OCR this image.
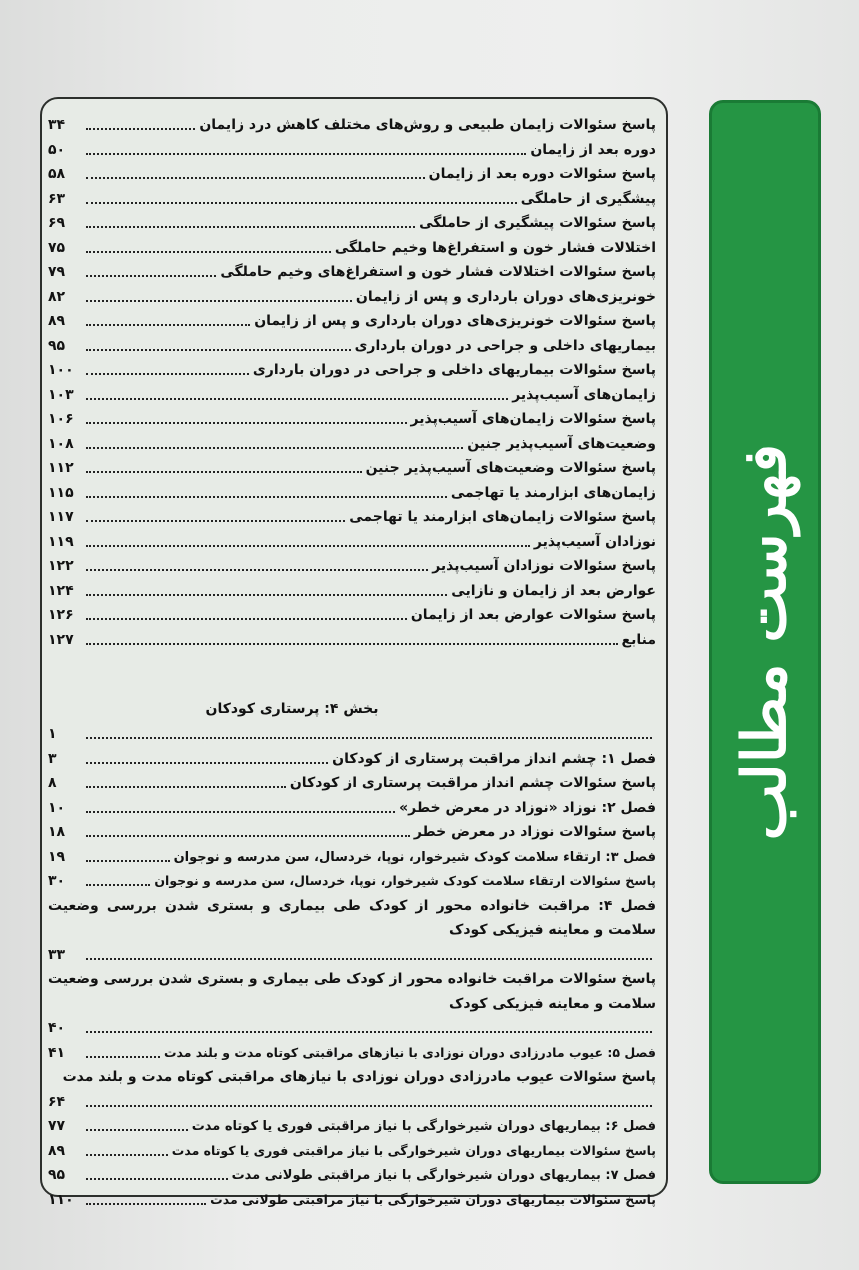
فهرست مطالب
پاسخ سئوالات زایمان طبیعی و روش‌های مختلف کاهش درد زایمان
۳۴
دوره بعد از زایمان
۵۰
پاسخ سئوالات دوره بعد از زایمان
۵۸
پیشگیری از حاملگی
۶۳
پاسخ سئوالات پیشگیری از حاملگی
۶۹
اختلالات فشار خون و استفراغ‌ها وخیم حاملگی
۷۵
پاسخ سئوالات اختلالات فشار خون و استفراغ‌های وخیم حاملگی
۷۹
خونریزی‌های دوران بارداری و پس از زایمان
۸۲
پاسخ سئوالات خونریزی‌های دوران بارداری و پس از زایمان
۸۹
بیماریهای داخلی و جراحی در دوران بارداری
۹۵
پاسخ سئوالات بیماریهای داخلی و جراحی در دوران بارداری
۱۰۰
زایمان‌های آسیب‌پذیر
۱۰۳
پاسخ سئوالات زایمان‌های آسیب‌پذیر
۱۰۶
وضعیت‌های آسیب‌پذیر جنین
۱۰۸
پاسخ سئوالات وضعیت‌های آسیب‌پذیر جنین
۱۱۲
زایمان‌های ابزارمند یا تهاجمی
۱۱۵
پاسخ سئوالات زایمان‌های ابزارمند یا تهاجمی
۱۱۷
نوزادان آسیب‌پذیر
۱۱۹
پاسخ سئوالات نوزادان آسیب‌پذیر
۱۲۲
عوارض بعد از زایمان و نازایی
۱۲۴
پاسخ سئوالات عوارض بعد از زایمان
۱۲۶
منابع
۱۲۷
بخش ۴: پرستاری کودکان
۱
فصل ۱: چشم انداز مراقبت پرستاری از کودکان
۳
پاسخ سئوالات چشم انداز مراقبت پرستاری از کودکان
۸
فصل ۲: نوزاد «نوزاد در معرض خطر»
۱۰
پاسخ سئوالات نوزاد در معرض خطر
۱۸
فصل ۳: ارتقاء سلامت کودک شیرخوار، نوپا، خردسال، سن مدرسه و نوجوان
۱۹
پاسخ سئوالات ارتقاء سلامت کودک شیرخوار، نوپا، خردسال، سن مدرسه و نوجوان
۳۰
فصل ۴: مراقبت خانواده محور از کودک طی بیماری و بستری شدن بررسی وضعیت سلامت و معاینه فیزیکی کودک
۳۳
پاسخ سئوالات مراقبت خانواده محور از کودک طی بیماری و بستری شدن بررسی وضعیت سلامت و معاینه فیزیکی کودک
۴۰
فصل ۵: عیوب مادرزادی دوران نوزادی با نیازهای مراقبتی کوتاه مدت و بلند مدت
۴۱
پاسخ سئوالات عیوب مادرزادی دوران نوزادی با نیازهای مراقبتی کوتاه مدت و بلند مدت
۶۴
فصل ۶: بیماریهای دوران شیرخوارگی با نیاز مراقبتی فوری یا کوتاه مدت
۷۷
پاسخ سئوالات بیماریهای دوران شیرخوارگی با نیاز مراقبتی فوری یا کوتاه مدت
۸۹
فصل ۷: بیماریهای دوران شیرخوارگی با نیاز مراقبتی طولانی مدت
۹۵
پاسخ سئوالات بیماریهای دوران شیرخوارگی با نیاز مراقبتی طولانی مدت
۱۱۰
